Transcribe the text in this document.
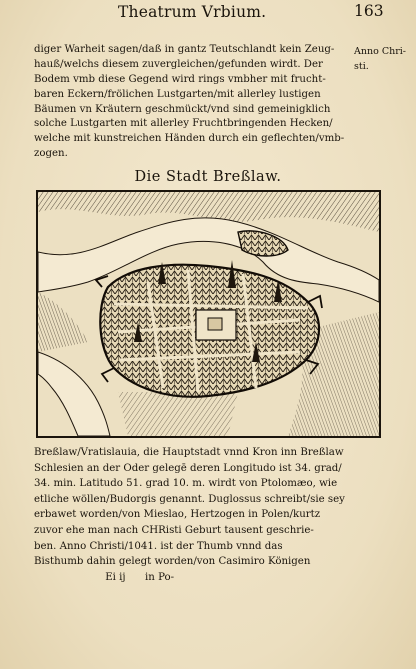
Theatrum Vrbium.	163
Anno Chri-
sti.
diger Warheit sagen/daß in gantz Teutschlandt kein Zeug-
hauß/welchs diesem zuvergleichen/gefunden wirdt. Der
Bodem vmb diese Gegend wird rings vmbher mit frucht-
baren Eckern/frölichen Lustgarten/mit allerley lustigen
Bäumen vn Kräutern geschmückt/vnd sind gemeinigklich
solche Lustgarten mit allerley Fruchtbringenden Hecken/
welche mit kunstreichen Händen durch ein geflechten/vmb-
zogen.
Die Stadt Breßlaw.
Breßlaw/Vratislauia, die Hauptstadt vnnd Kron inn Breßlaw
Schlesien an der Oder gelegē deren Longitudo ist 34. grad/
34. min. Latitudo 51. grad 10. m. wirdt von Ptolomæo, wie
etliche wöllen/Budorgis genannt. Duglossus schreibt/sie sey
erbawet worden/von Mieslao, Hertzogen in Polen/kurtz
zuvor ehe man nach CHRisti Geburt tausent geschrie-
ben. Anno Christi/1041. ist der Thumb vnnd das
Bisthumb dahin gelegt worden/von Casimiro Königen
Ei ij      in Po-
